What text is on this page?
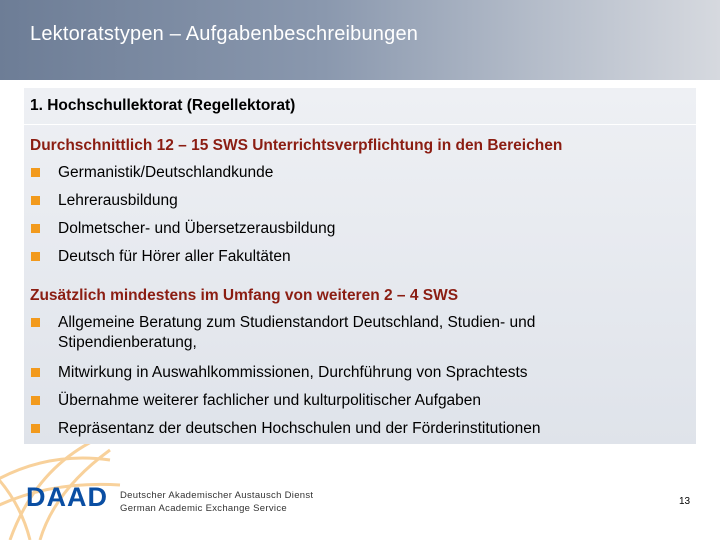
Lektoratstypen – Aufgabenbeschreibungen
1. Hochschullektorat (Regellektorat)
Durchschnittlich 12 – 15 SWS Unterrichtsverpflichtung in den Bereichen
Germanistik/Deutschlandkunde
Lehrerausbildung
Dolmetscher- und Übersetzerausbildung
Deutsch für Hörer aller Fakultäten
Zusätzlich mindestens im Umfang von weiteren 2 – 4 SWS
Allgemeine Beratung zum Studienstandort Deutschland, Studien- und Stipendienberatung,
Mitwirkung in Auswahlkommissionen, Durchführung von Sprachtests
Übernahme weiterer fachlicher und kulturpolitischer Aufgaben
Repräsentanz der deutschen Hochschulen und der Förderinstitutionen
DAAD Deutscher Akademischer Austausch Dienst
German Academic Exchange Service
13
